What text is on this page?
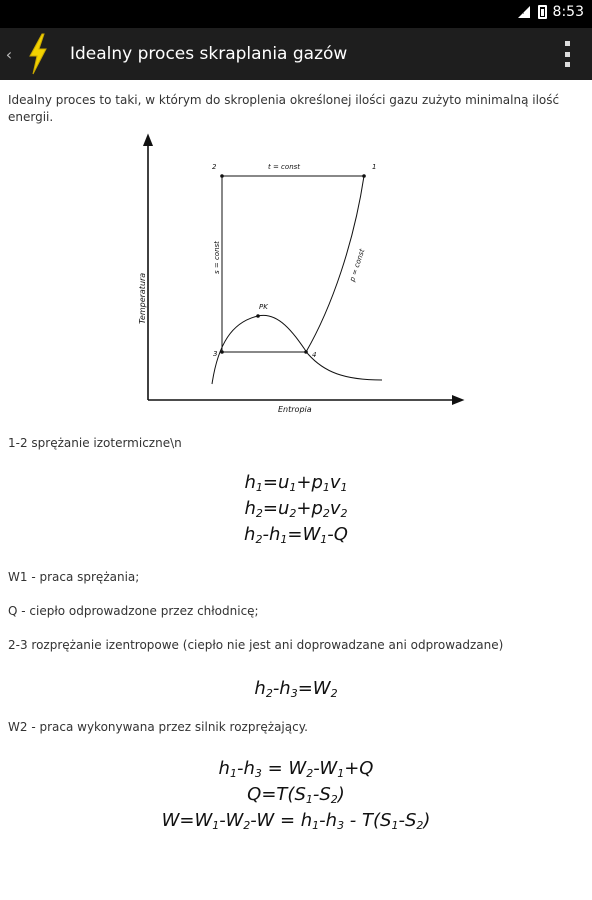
× 8:53
‹	Idealny proces skraplania gazów
Idealny proces to taki, w którym do skroplenia określonej ilości gazu zużyto minimalną ilość energii.
Temperatura
Entropia
t = const
s = const	p = const
2	1
3	4
PK
1-2 sprężanie izotermiczne\n
$h_1=u_1+p_1v_1$
$h_2=u_2+p_2v_2$
$h_2-h_1=W_1-Q$
W1 - praca sprężania;
Q - ciepło odprowadzone przez chłodnicę;
2-3 rozprężanie izentropowe (ciepło nie jest ani doprowadzane ani odprowadzane)
$h_2-h_3=W_2$
W2 - praca wykonywana przez silnik rozprężający.
$h_1-h_3 = W_2-W_1+Q$
$Q=T(S_1-S_2)$
$W=W_1-W_2-W = h_1-h_3 - T(S_1-S_2)$
